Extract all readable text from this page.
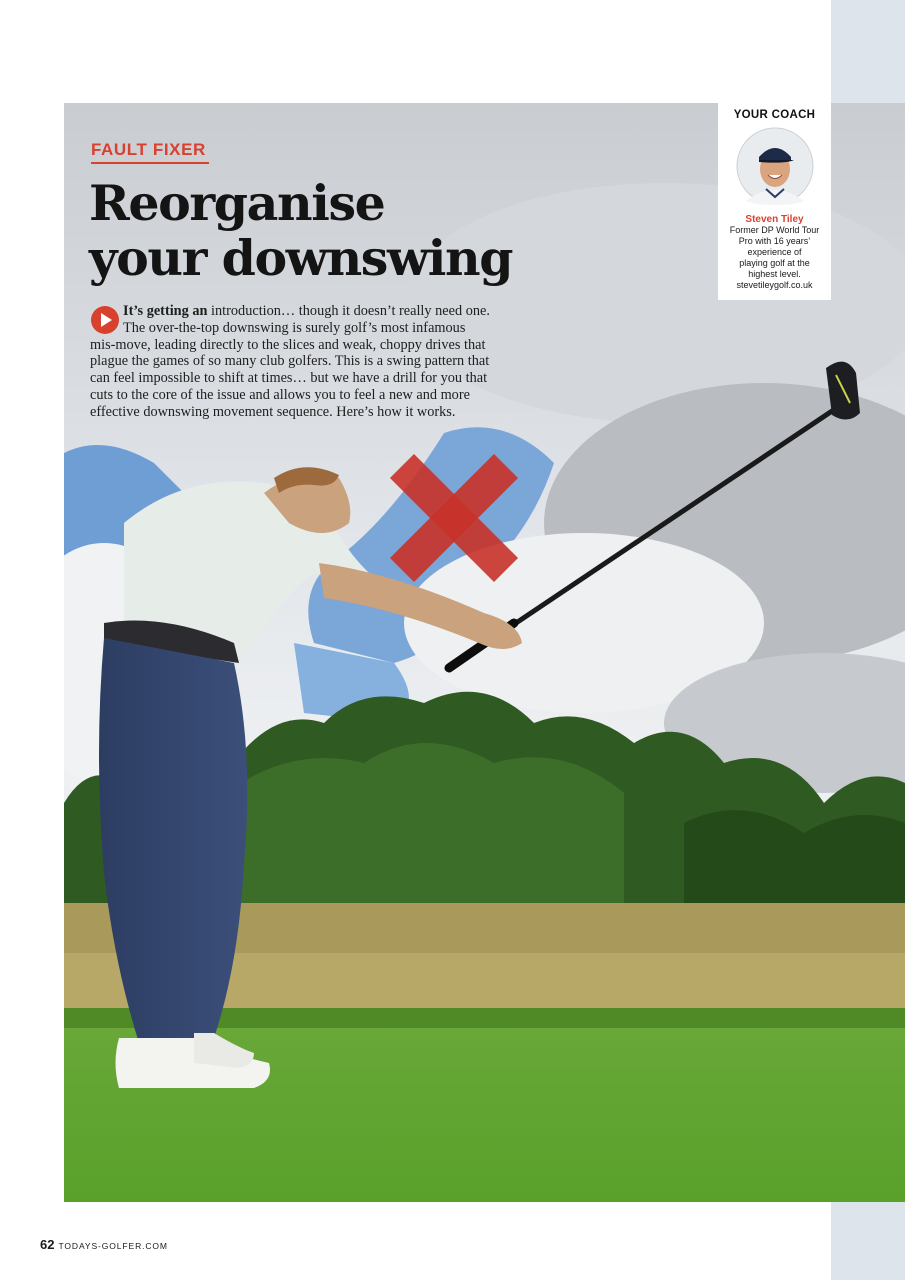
FAULT FIXER

Reorganise
your downswing

It’s getting an introduction… though it doesn’t really need one.
The over-the-top downswing is surely golf’s most infamous
mis-move, leading directly to the slices and weak, choppy drives that
plague the games of so many club golfers. This is a swing pattern that
can feel impossible to shift at times… but we have a drill for you that
cuts to the core of the issue and allows you to feel a new and more
effective downswing movement sequence. Here’s how it works.

YOUR COACH

Steven Tiley

Former DP World Tour
Pro with 16 years’
experience of
playing golf at the
highest level.
stevetileygolf.co.uk

62 TODAYS-GOLFER.COM
